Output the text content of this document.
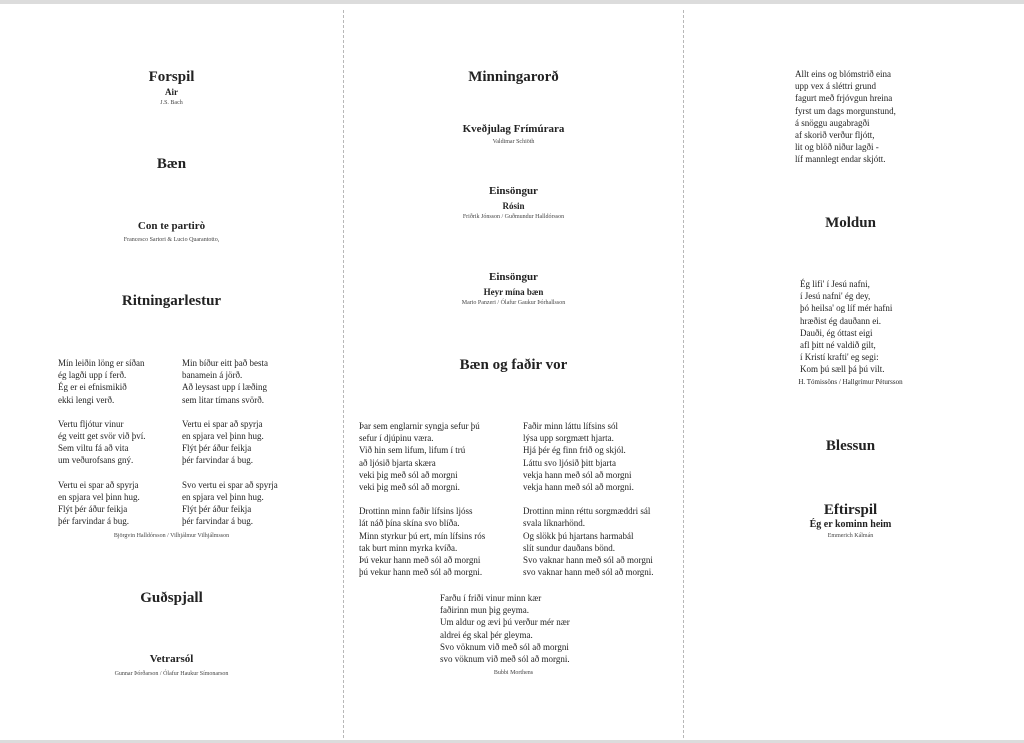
Forspil
Air
J.S. Bach
Bæn
Con te partirò
Francesco Sartori & Lucio Quarantotto,
Ritningarlestur
Mín leiðin löng er síðan
ég lagði upp í ferð.
Ég er ei efnismikið
ekki lengi verð.
Vertu fljótur vinur
ég veitt get svör við því.
Sem viltu fá að vita
um veðurofsans gný.
Vertu ei spar að spyrja
en spjara vel þinn hug.
Flýt þér áður feikja
þér farvindar á bug.
Min bíður eitt það besta
banamein á jörð.
Að leysast upp í læðing
sem litar tímans svörð.
Vertu ei spar að spyrja
en spjara vel þinn hug.
Flýt þér áður feikja
þér farvindar á bug.
Svo vertu ei spar að spyrja
en spjara vel þinn hug.
Flýt þér áður feikja
þér farvindar á bug.
Björgvin Halldórsson / Vilhjálmur Vilhjálmsson
Guðspjall
Vetrarsól
Gunnar Þórðarson / Ólafur Haukur Símonarson
Minningarorð
Kveðjulag Frímúrara
Valdimar Schiöth
Einsöngur
Rósin
Friðrik Jónsson / Guðmundur Halldórsson
Einsöngur
Heyr mína bæn
Mario Panzeri / Ólafur Gaukur Þórhallsson
Bæn og faðir vor
Þar sem englarnir syngja sefur þú
sefur í djúpinu væra.
Við hin sem lifum, lifum í trú
að ljósið bjarta skæra
veki þig með sól að morgni
veki þig með sól að morgni.
Drottinn minn faðir lífsins ljóss
lát náð þína skína svo blíða.
Minn styrkur þú ert, mín lífsins rós
tak burt minn myrka kvíða.
Þú vekur hann með sól að morgni
þú vekur hann með sól að morgni.
Faðir minn láttu lífsins sól
lýsa upp sorgmætt hjarta.
Hjá þér ég finn frið og skjól.
Láttu svo ljósið þitt bjarta
vekja hann með sól að morgni
vekja hann með sól að morgni.
Drottinn minn réttu sorgmæddri sál
svala líknarhönd.
Og slökk þú hjartans harmabál
slít sundur dauðans bönd.
Svo vaknar hann með sól að morgni
svo vaknar hann með sól að morgni.
Farðu í friði vinur minn kær
faðirinn mun þig geyma.
Um aldur og ævi þú verður mér nær
aldrei ég skal þér gleyma.
Svo vöknum við með sól að morgni
svo vöknum við með sól að morgni.
Bubbi Morthens
Allt eins og blómstrið eina
upp vex á sléttri grund
fagurt með frjóvgun hreina
fyrst um dags morgunstund,
á snöggu augabragði
af skorið verður fljótt,
lit og blöð niður lagði -
líf mannlegt endar skjótt.
Moldun
Ég lifi' í Jesú nafni,
í Jesú nafni' ég dey,
þó heilsa' og líf mér hafni
hræðist ég dauðann ei.
Dauði, ég óttast eigi
afl þitt né valdið gilt,
í Kristí krafti' eg segi:
Kom þú sæll þá þú vilt.
H. Tómissöns / Hallgrímur Pétursson
Blessun
Eftirspil
Ég er kominn heim
Emmerich Kálmán
